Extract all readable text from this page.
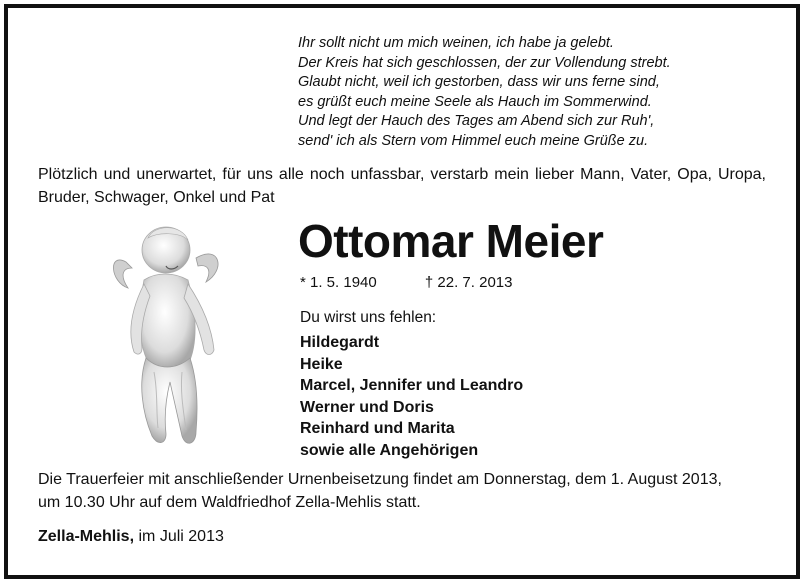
Ihr sollt nicht um mich weinen, ich habe ja gelebt.
Der Kreis hat sich geschlossen, der zur Vollendung strebt.
Glaubt nicht, weil ich gestorben, dass wir uns ferne sind,
es grüßt euch meine Seele als Hauch im Sommerwind.
Und legt der Hauch des Tages am Abend sich zur Ruh',
send' ich als Stern vom Himmel euch meine Grüße zu.
Plötzlich und unerwartet, für uns alle noch unfassbar, verstarb mein lieber Mann, Vater, Opa, Uropa, Bruder, Schwager, Onkel und Pat
Ottomar Meier
* 1. 5. 1940	† 22. 7. 2013
Du wirst uns fehlen:
Hildegardt
Heike
Marcel, Jennifer und Leandro
Werner und Doris
Reinhard und Marita
sowie alle Angehörigen
Die Trauerfeier mit anschließender Urnenbeisetzung findet am Donnerstag, dem 1. August 2013,
um 10.30 Uhr auf dem Waldfriedhof Zella-Mehlis statt.
Zella-Mehlis, im Juli 2013
